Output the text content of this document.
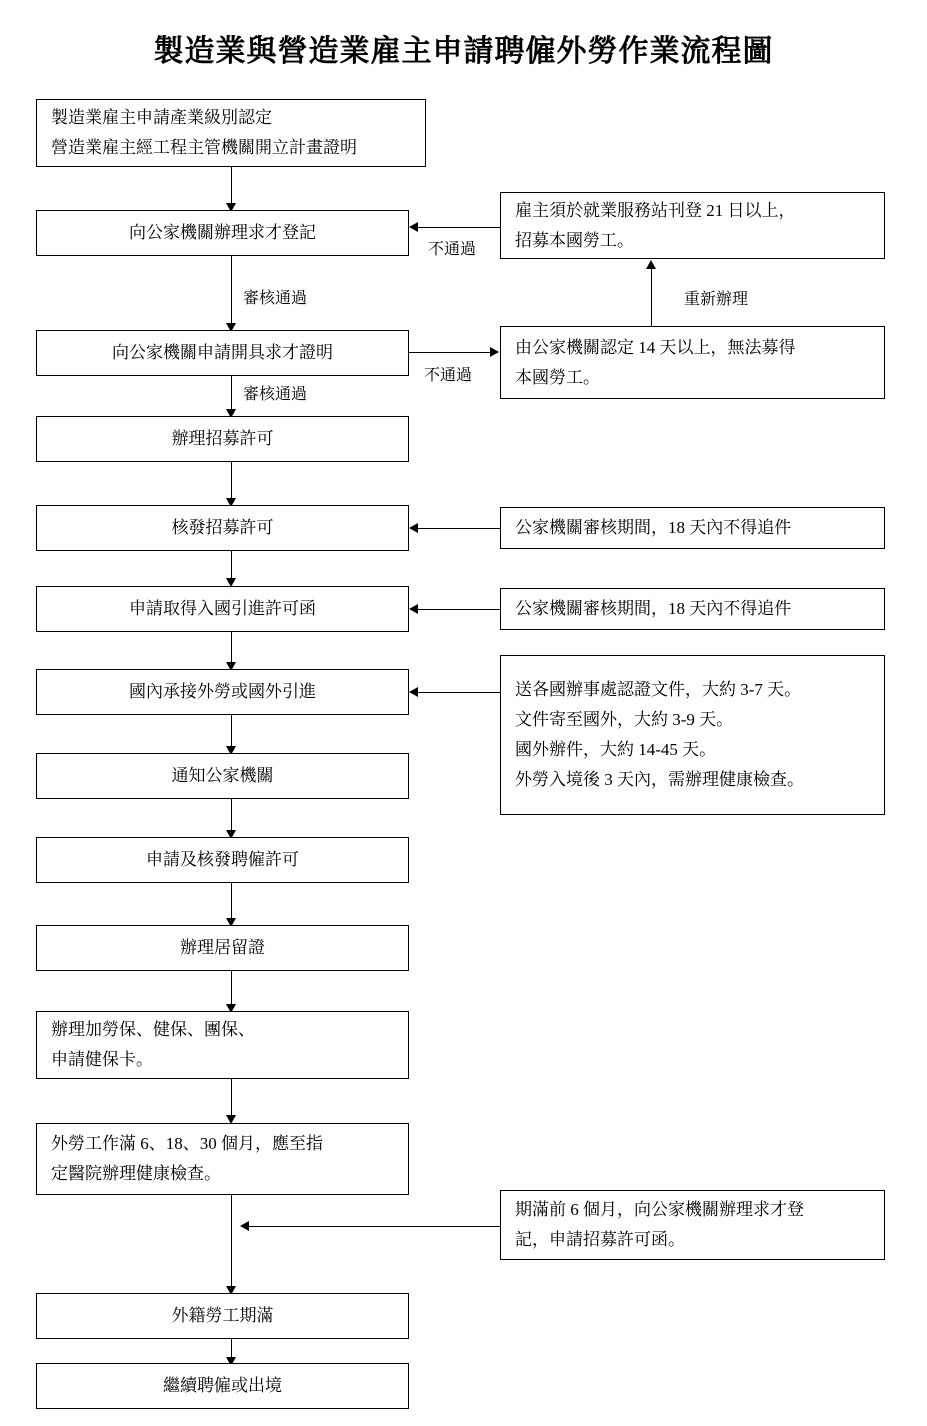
製造業與營造業雇主申請聘僱外勞作業流程圖
製造業雇主申請產業級別認定
營造業雇主經工程主管機關開立計畫證明
向公家機關辦理求才登記
雇主須於就業服務站刊登 21 日以上，
招募本國勞工。
不通過
審核通過
向公家機關申請開具求才證明	由公家機關認定 14 天以上，無法募得
本國勞工。
不通過
重新辦理
審核通過
辦理招募許可
核發招募許可	公家機關審核期間，18 天內不得追件
申請取得入國引進許可函	公家機關審核期間，18 天內不得追件
國內承接外勞或國外引進	送各國辦事處認證文件，大約 3-7 天。
文件寄至國外，大約 3-9 天。
國外辦件，大約 14-45 天。
外勞入境後 3 天內，需辦理健康檢查。
通知公家機關
申請及核發聘僱許可
辦理居留證
辦理加勞保、健保、團保、
申請健保卡。
外勞工作滿 6、18、30 個月，應至指
定醫院辦理健康檢查。
期滿前 6 個月，向公家機關辦理求才登
記，申請招募許可函。
外籍勞工期滿
繼續聘僱或出境
